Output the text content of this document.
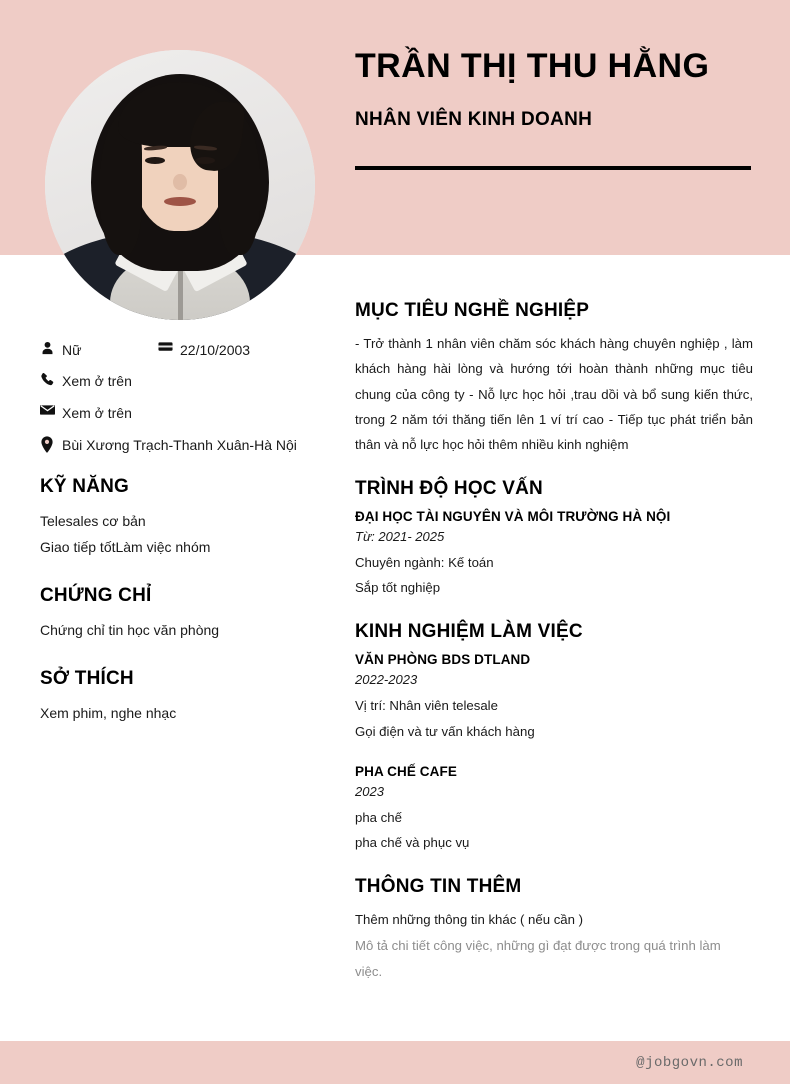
TRẦN THỊ THU HẰNG
NHÂN VIÊN KINH DOANH
Nữ	22/10/2003
Xem ở trên
Xem ở trên
Bùi Xương Trạch-Thanh Xuân-Hà Nội
KỸ NĂNG
Telesales cơ bản
Giao tiếp tốtLàm việc nhóm
CHỨNG CHỈ
Chứng chỉ tin học văn phòng
SỞ THÍCH
Xem phim, nghe nhạc
MỤC TIÊU NGHỀ NGHIỆP

- Trở thành 1 nhân viên chăm sóc khách hàng chuyên nghiệp , làm khách hàng hài lòng và hướng tới hoàn thành những mục tiêu chung của công ty - Nỗ lực học hỏi ,trau dồi và bổ sung kiến thức, trong 2 năm tới thăng tiến lên 1 ví trí cao - Tiếp tục phát triển bản thân và nỗ lực học hỏi thêm nhiều kinh nghiệm

TRÌNH ĐỘ HỌC VẤN
ĐẠI HỌC TÀI NGUYÊN VÀ MÔI TRƯỜNG HÀ NỘI
Từ: 2021- 2025
Chuyên ngành: Kế toán
Sắp tốt nghiệp
KINH NGHIỆM LÀM VIỆC
VĂN PHÒNG BDS DTLAND
2022-2023
Vị trí: Nhân viên telesale
Gọi điện và tư vấn khách hàng
PHA CHẾ CAFE
2023
pha chế
pha chế và phục vụ
THÔNG TIN THÊM
Thêm những thông tin khác ( nếu cần )
Mô tả chi tiết công việc, những gì đạt được trong quá trình làm
việc.
@jobgovn.com
